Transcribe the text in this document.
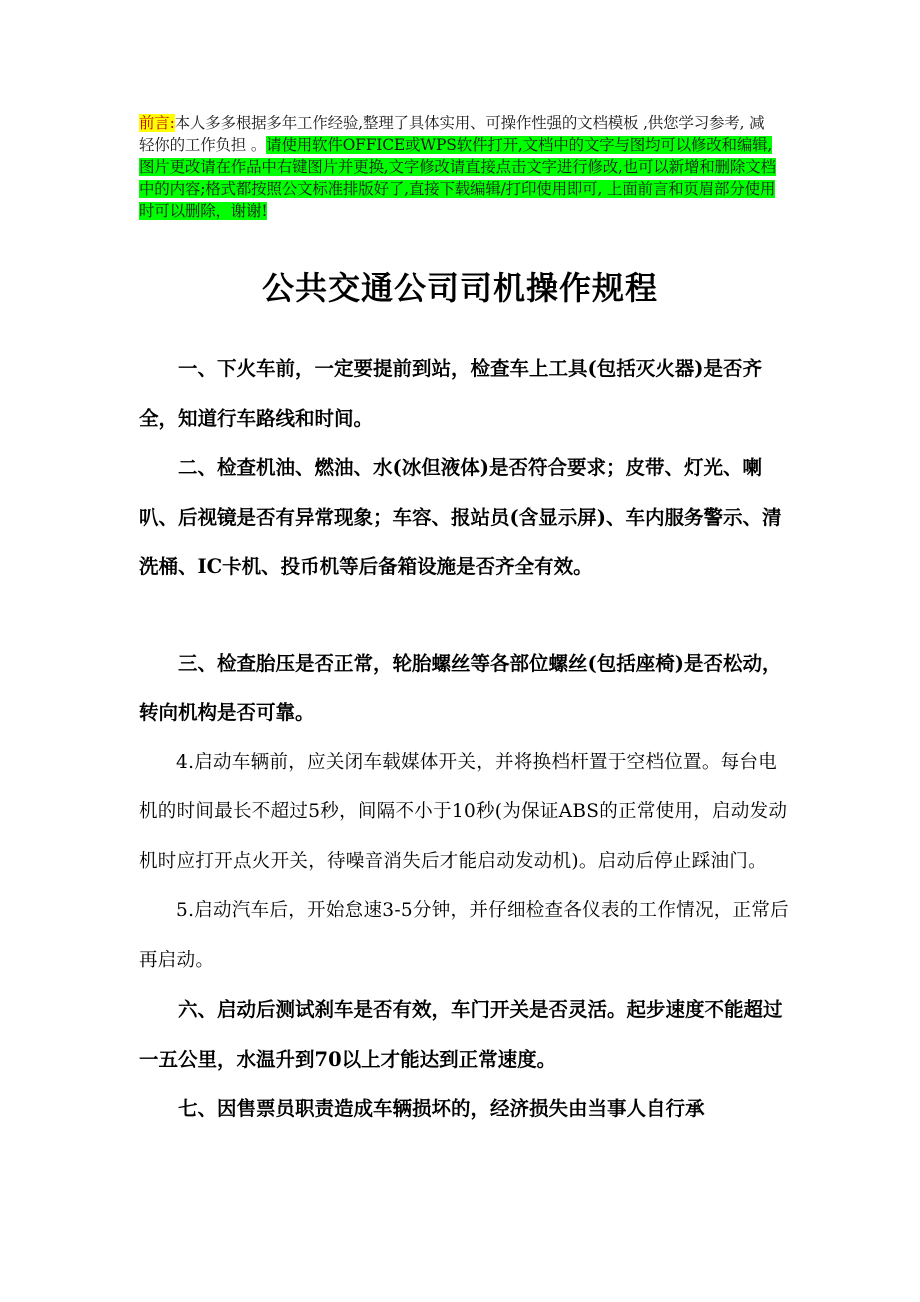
前言:本人多多根据多年工作经验,整理了具体实用、可操作性强的文档模板 ,供您学习参考, 减轻你的工作负担 。请使用软件OFFICE或WPS软件打开,文档中的文字与图均可以修改和编辑,图片更改请在作品中右键图片并更换,文字修改请直接点击文字进行修改,也可以新增和删除文档中的内容;格式都按照公文标准排版好了,直接下载编辑/打印使用即可, 上面前言和页眉部分使用时可以删除，谢谢!
公共交通公司司机操作规程

一、下火车前，一定要提前到站，检查车上工具(包括灭火器)是否齐全，知道行车路线和时间。

二、检查机油、燃油、水(冰但液体)是否符合要求；皮带、灯光、喇叭、后视镜是否有异常现象；车容、报站员(含显示屏)、车内服务警示、清洗桶、IC卡机、投币机等后备箱设施是否齐全有效。

三、检查胎压是否正常，轮胎螺丝等各部位螺丝(包括座椅)是否松动，转向机构是否可靠。

4.启动车辆前，应关闭车载媒体开关，并将换档杆置于空档位置。每台电机的时间最长不超过5秒，间隔不小于10秒(为保证ABS的正常使用，启动发动机时应打开点火开关，待噪音消失后才能启动发动机)。启动后停止踩油门。

5.启动汽车后，开始怠速3-5分钟，并仔细检查各仪表的工作情况，正常后再启动。

六、启动后测试刹车是否有效，车门开关是否灵活。起步速度不能超过一五公里，水温升到70以上才能达到正常速度。

七、因售票员职责造成车辆损坏的，经济损失由当事人自行承
